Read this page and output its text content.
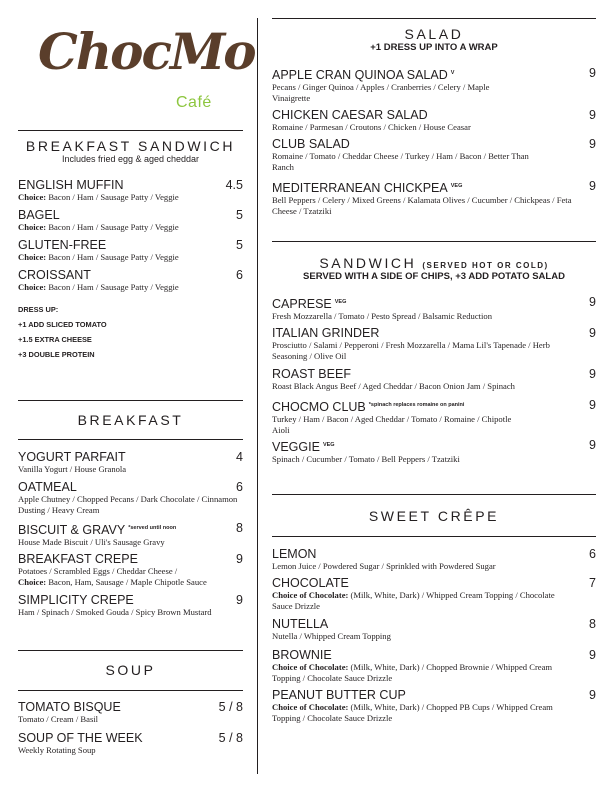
ChocMo
Café
BREAKFAST SANDWICH
Includes fried egg & aged cheddar
ENGLISH MUFFIN	4.5
Choice: Bacon / Ham / Sausage Patty / Veggie
BAGEL	5
Choice: Bacon / Ham / Sausage Patty / Veggie
GLUTEN-FREE	5
Choice: Bacon / Ham / Sausage Patty / Veggie
CROISSANT	6
Choice: Bacon / Ham / Sausage Patty / Veggie
DRESS UP:
+1 ADD SLICED TOMATO
+1.5 EXTRA CHEESE
+3 DOUBLE PROTEIN
BREAKFAST
YOGURT PARFAIT	4
Vanilla Yogurt / House Granola
OATMEAL	6
Apple Chutney / Chopped Pecans / Dark Chocolate / Cinnamon Dusting / Heavy Cream
BISCUIT & GRAVY $^{*served until noon}$	8
House Made Biscuit / Uli's Sausage Gravy
BREAKFAST CREPE	9
Potatoes / Scrambled Eggs / Cheddar Cheese /
Choice: Bacon, Ham, Sausage / Maple Chipotle Sauce
SIMPLICITY CREPE	9
Ham / Spinach / Smoked Gouda / Spicy Brown Mustard
SOUP
TOMATO BISQUE	5 / 8
Tomato / Cream / Basil
SOUP OF THE WEEK	5 / 8
Weekly Rotating Soup
SALAD
+1 DRESS UP INTO A WRAP
APPLE CRAN QUINOA SALAD $^V$	9
Pecans / Ginger Quinoa / Apples / Cranberries / Celery / Maple Vinaigrette
CHICKEN CAESAR SALAD	9
Romaine / Parmesan / Croutons / Chicken / House Ceasar
CLUB SALAD	9
Romaine / Tomato / Cheddar Cheese / Turkey / Ham / Bacon / Better Than Ranch
MEDITERRANEAN CHICKPEA $^{VEG}$	9
Bell Peppers / Celery / Mixed Greens / Kalamata Olives / Cucumber / Chickpeas / Feta Cheese / Tzatziki
SANDWICH (SERVED HOT OR COLD)
SERVED WITH A SIDE OF CHIPS, +3 ADD POTATO SALAD
CAPRESE $^{VEG}$	9
Fresh Mozzarella / Tomato / Pesto Spread / Balsamic Reduction
ITALIAN GRINDER	9
Prosciutto / Salami / Pepperoni / Fresh Mozzarella / Mama Lil's Tapenade / Herb Seasoning / Olive Oil
ROAST BEEF	9
Roast Black Angus Beef / Aged Cheddar / Bacon Onion Jam / Spinach
CHOCMO CLUB $^{*spinach replaces romaine on panini}$	9
Turkey / Ham / Bacon / Aged Cheddar / Tomato / Romaine / Chipotle Aioli
VEGGIE $^{VEG}$	9
Spinach / Cucumber / Tomato / Bell Peppers / Tzatziki
SWEET CRÊPE
LEMON	6
Lemon Juice / Powdered Sugar / Sprinkled with Powdered Sugar
CHOCOLATE	7
Choice of Chocolate: (Milk, White, Dark) / Whipped Cream Topping / Chocolate Sauce Drizzle
NUTELLA	8
Nutella / Whipped Cream Topping
BROWNIE	9
Choice of Chocolate: (Milk, White, Dark) / Chopped Brownie / Whipped Cream Topping / Chocolate Sauce Drizzle
PEANUT BUTTER CUP	9
Choice of Chocolate: (Milk, White, Dark) / Chopped PB Cups / Whipped Cream Topping / Chocolate Sauce Drizzle
